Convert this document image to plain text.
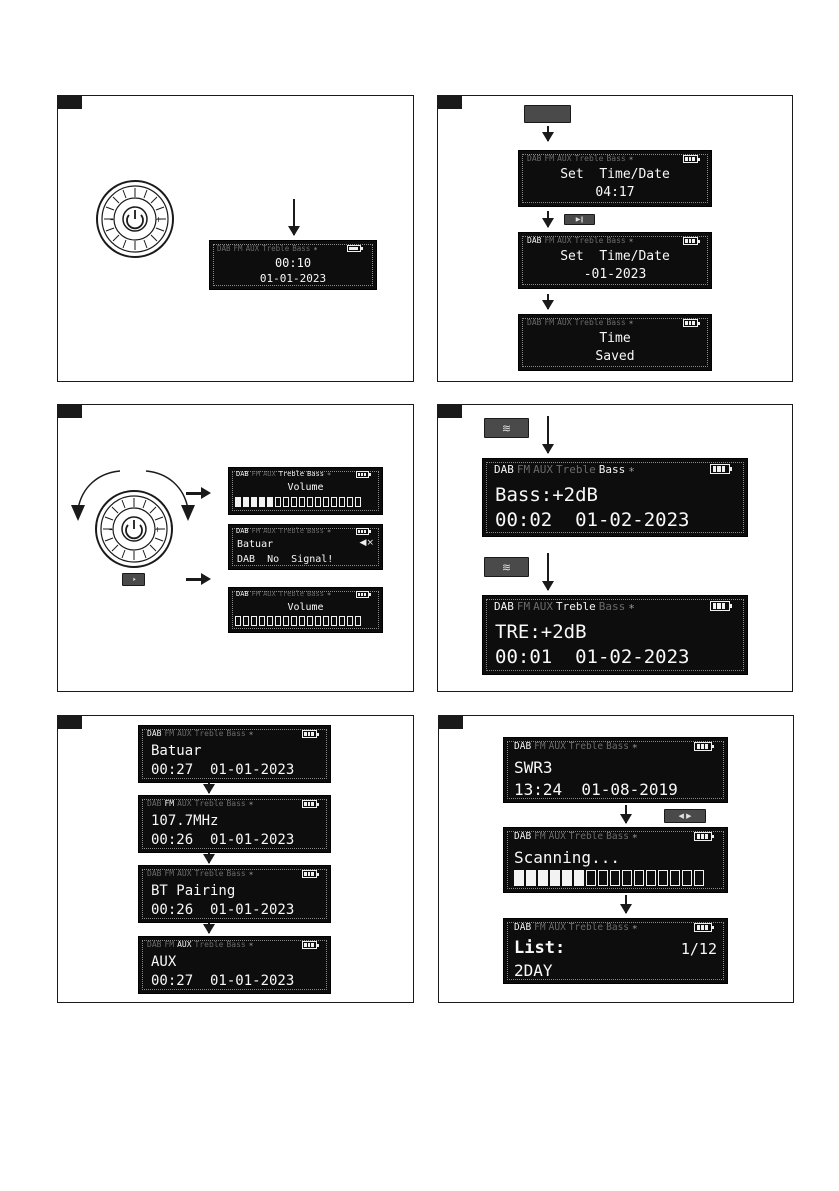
–	+
DAB FM AUX Treble Bass ∗
00:10
01-01-2023
DAB FM AUX Treble Bass ∗
Set  Time/Date
04:17
▶ǁ
DAB FM AUX Treble Bass ∗
Set  Time/Date
-01-2023
DAB FM AUX Treble Bass ∗
Time
Saved
–	+
🕨
DAB FM AUX Treble Bass ∗
Volume
DAB FM AUX Treble Bass ∗
Batuar	◀×
DAB  No  Signal!
DAB FM AUX Treble Bass ∗
Volume
≋
DAB FM AUX Treble Bass ∗
Bass:+2dB
00:02  01-02-2023
≋
DAB FM AUX Treble Bass ∗
TRE:+2dB
00:01  01-02-2023
DAB FM AUX Treble Bass ∗
Batuar
00:27  01-01-2023
DAB FM AUX Treble Bass ∗
107.7MHz
00:26  01-01-2023
DAB FM AUX Treble Bass ∗
BT Pairing
00:26  01-01-2023
DAB FM AUX Treble Bass ∗
AUX
00:27  01-01-2023
DAB FM AUX Treble Bass ∗
SWR3
13:24  01-08-2019
◀ ▶
DAB FM AUX Treble Bass ∗
Scanning...
DAB FM AUX Treble Bass ∗
List:	1/12
2DAY
